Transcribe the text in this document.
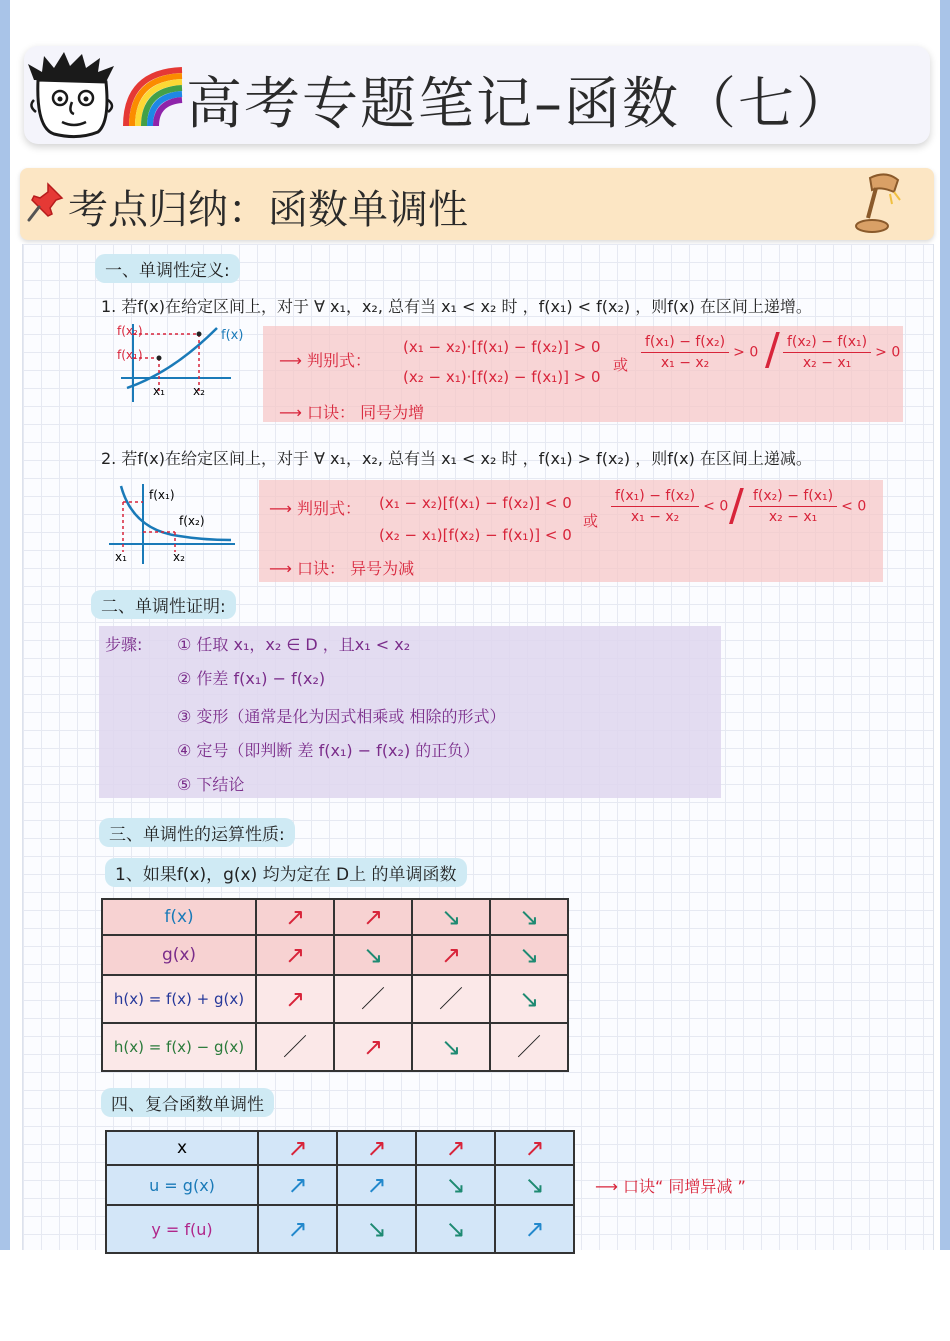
高考专题笔记–函数（七）
考点归纳：函数单调性
一、单调性定义:
1. 若f(x)在给定区间上，对于 ∀ x₁，x₂, 总有当 x₁ < x₂ 时 ，f(x₁) < f(x₂) ，则f(x) 在区间上递增。
f(x₂)
f(x₁)
f(x)
x₁ x₂
⟶ 判别式：
(x₁ − x₂)·[f(x₁) − f(x₂)] > 0
(x₂ − x₁)·[f(x₂) − f(x₁)] > 0
或 $\frac{\text{f(x₁) − f(x₂)}}{\text{x₁ − x₂}} > 0 / \frac{\text{f(x₂) − f(x₁)}}{\text{x₂ − x₁}} > 0$
⟶ 口诀： 同号为增
2. 若f(x)在给定区间上，对于 ∀ x₁，x₂, 总有当 x₁ < x₂ 时 ，f(x₁) > f(x₂) ，则f(x) 在区间上递减。
f(x₁)
f(x₂)
x₁	x₂
⟶ 判别式： (x₁ − x₂)[f(x₁) − f(x₂)] < 0
(x₂ − x₁)[f(x₂) − f(x₁)] < 0
或 $\frac{\text{f(x₁) − f(x₂)}}{\text{x₁ − x₂}} < 0 / \frac{\text{f(x₂) − f(x₁)}}{\text{x₂ − x₁}} < 0$
⟶ 口诀： 异号为减
二、单调性证明:
步骤: ① 任取 x₁，x₂ ∈ D ，且x₁ < x₂
② 作差 f(x₁) − f(x₂)
③ 变形（通常是化为因式相乘或 相除的形式）
④ 定号（即判断 差 f(x₁) − f(x₂) 的正负）
⑤ 下结论
三、单调性的运算性质:
1、如果f(x)，g(x) 均为定在 D上 的单调函数
f(x)	↗	↗	↘	↘
g(x)	↗	↘	↗	↘
h(x) = f(x) + g(x)	↗	／	／	↘
h(x) = f(x) − g(x)	／	↗	↘	／
四、复合函数单调性
x	↗	↗	↗	↗
u = g(x)	↗	↗	↘	↘
y = f(u)	↗	↘	↘	↗
⟶ 口诀“ 同增异减 ”
